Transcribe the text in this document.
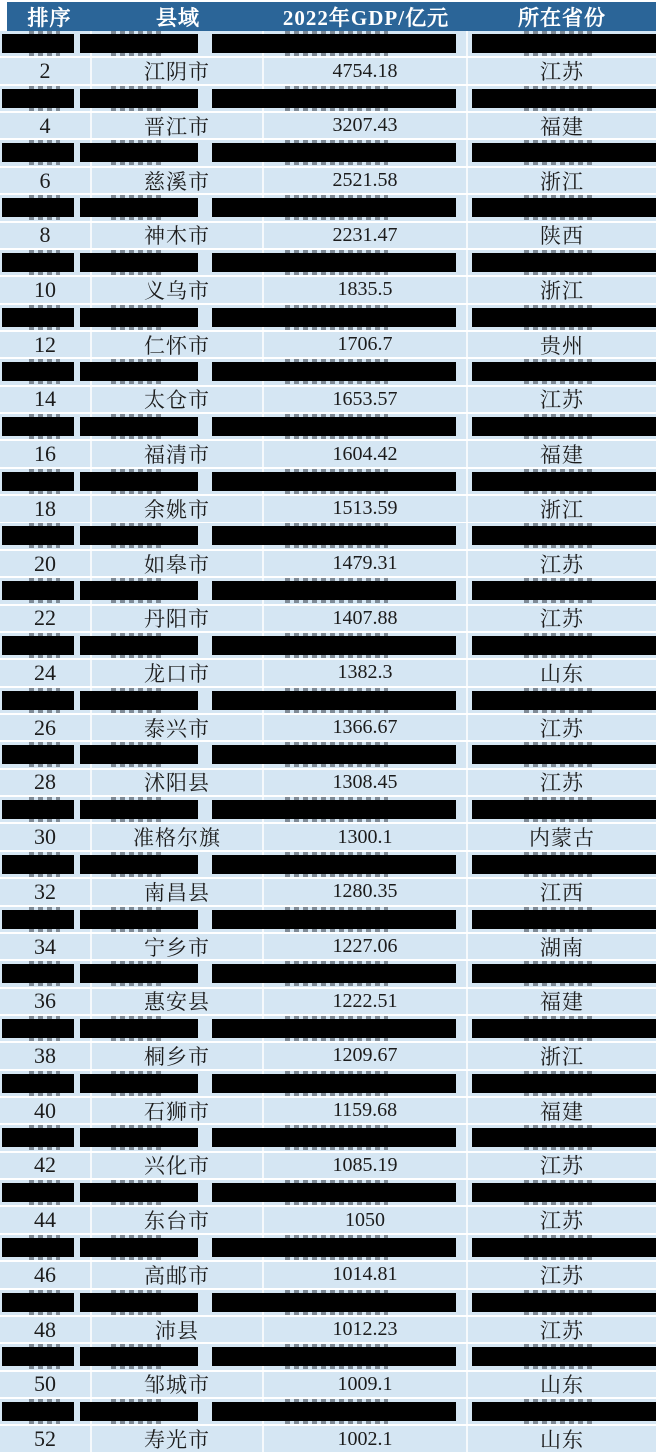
排序	县域	2022年GDP/亿元	所在省份
2	江阴市	4754.18	江苏
4	晋江市	3207.43	福建
6	慈溪市	2521.58	浙江
8	神木市	2231.47	陕西
10	义乌市	1835.5	浙江
12	仁怀市	1706.7	贵州
14	太仓市	1653.57	江苏
16	福清市	1604.42	福建
18	余姚市	1513.59	浙江
20	如皋市	1479.31	江苏
22	丹阳市	1407.88	江苏
24	龙口市	1382.3	山东
26	泰兴市	1366.67	江苏
28	沭阳县	1308.45	江苏
30	准格尔旗	1300.1	内蒙古
32	南昌县	1280.35	江西
34	宁乡市	1227.06	湖南
36	惠安县	1222.51	福建
38	桐乡市	1209.67	浙江
40	石狮市	1159.68	福建
42	兴化市	1085.19	江苏
44	东台市	1050	江苏
46	高邮市	1014.81	江苏
48	沛县	1012.23	江苏
50	邹城市	1009.1	山东
52	寿光市	1002.1	山东
